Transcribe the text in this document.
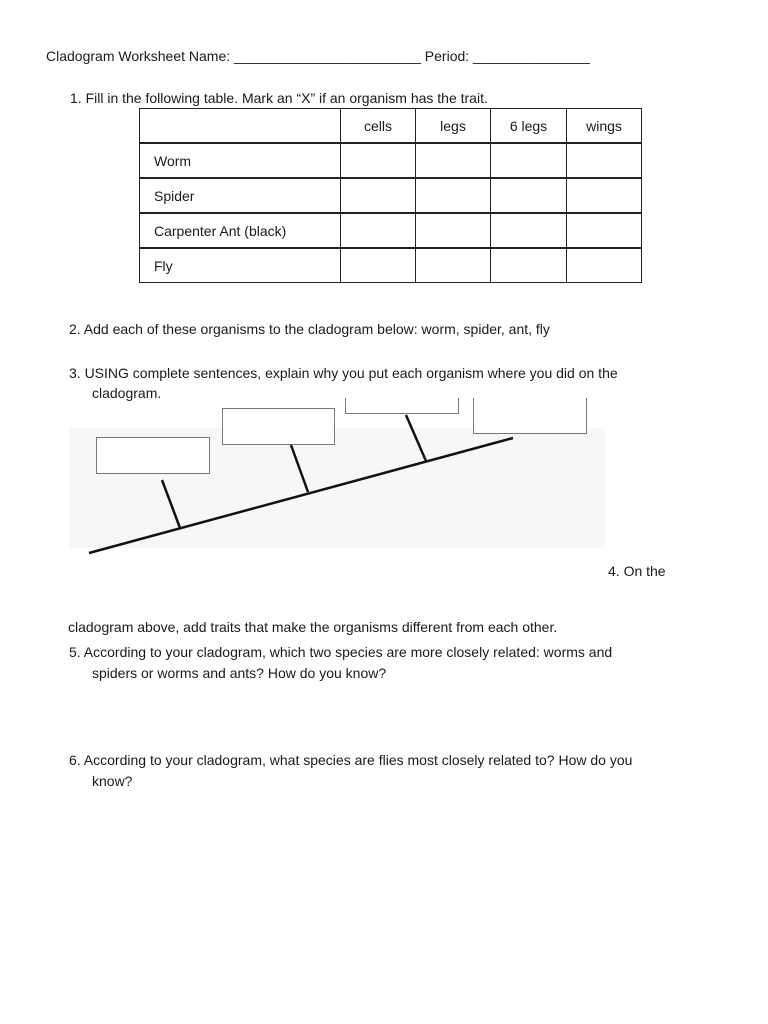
Cladogram Worksheet Name: ________________________ Period: _______________
1. Fill in the following table. Mark an “X” if an organism has the trait.
	cells	legs	6 legs	wings
Worm				
Spider				
Carpenter Ant (black)				
Fly				
2. Add each of these organisms to the cladogram below: worm, spider, ant, fly
3. USING complete sentences, explain why you put each organism where you did on the
cladogram.
4. On the
cladogram above, add traits that make the organisms different from each other.
5. According to your cladogram, which two species are more closely related: worms and
spiders or worms and ants? How do you know?
6. According to your cladogram, what species are flies most closely related to? How do you
know?
